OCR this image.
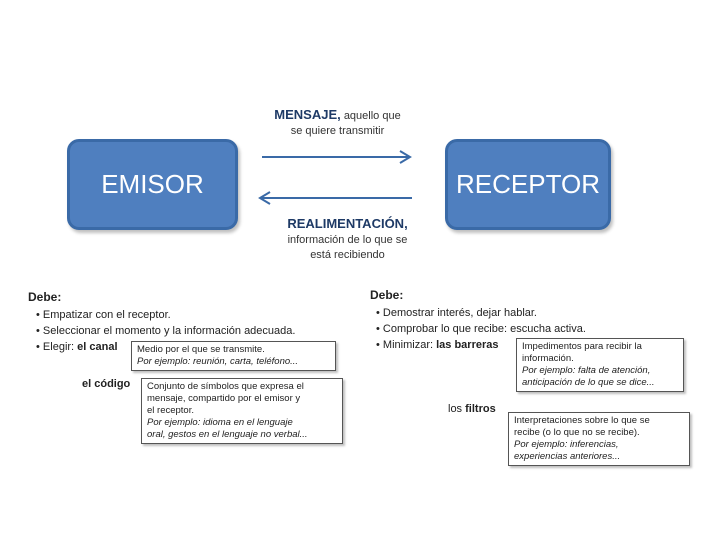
EMISOR	RECEPTOR
MENSAJE, aquello que
se quiere transmitir
REALIMENTACIÓN,
información de lo que se
está recibiendo
Debe:
• Empatizar con el receptor.
• Seleccionar el momento y la información adecuada.
• Elegir: el canal	Medio por el que se transmite.
Por ejemplo: reunión, carta, teléfono...
el código	Conjunto de símbolos que expresa el
mensaje, compartido por el emisor y
el receptor.
Por ejemplo: idioma en el lenguaje
oral, gestos en el lenguaje no verbal...
Debe:
• Demostrar interés, dejar hablar.
• Comprobar lo que recibe: escucha activa.
• Minimizar: las barreras	Impedimentos para recibir la
información.
Por ejemplo: falta de atención,
anticipación de lo que se dice...
los filtros
Interpretaciones sobre lo que se
recibe (o lo que no se recibe).
Por ejemplo: inferencias,
experiencias anteriores...
